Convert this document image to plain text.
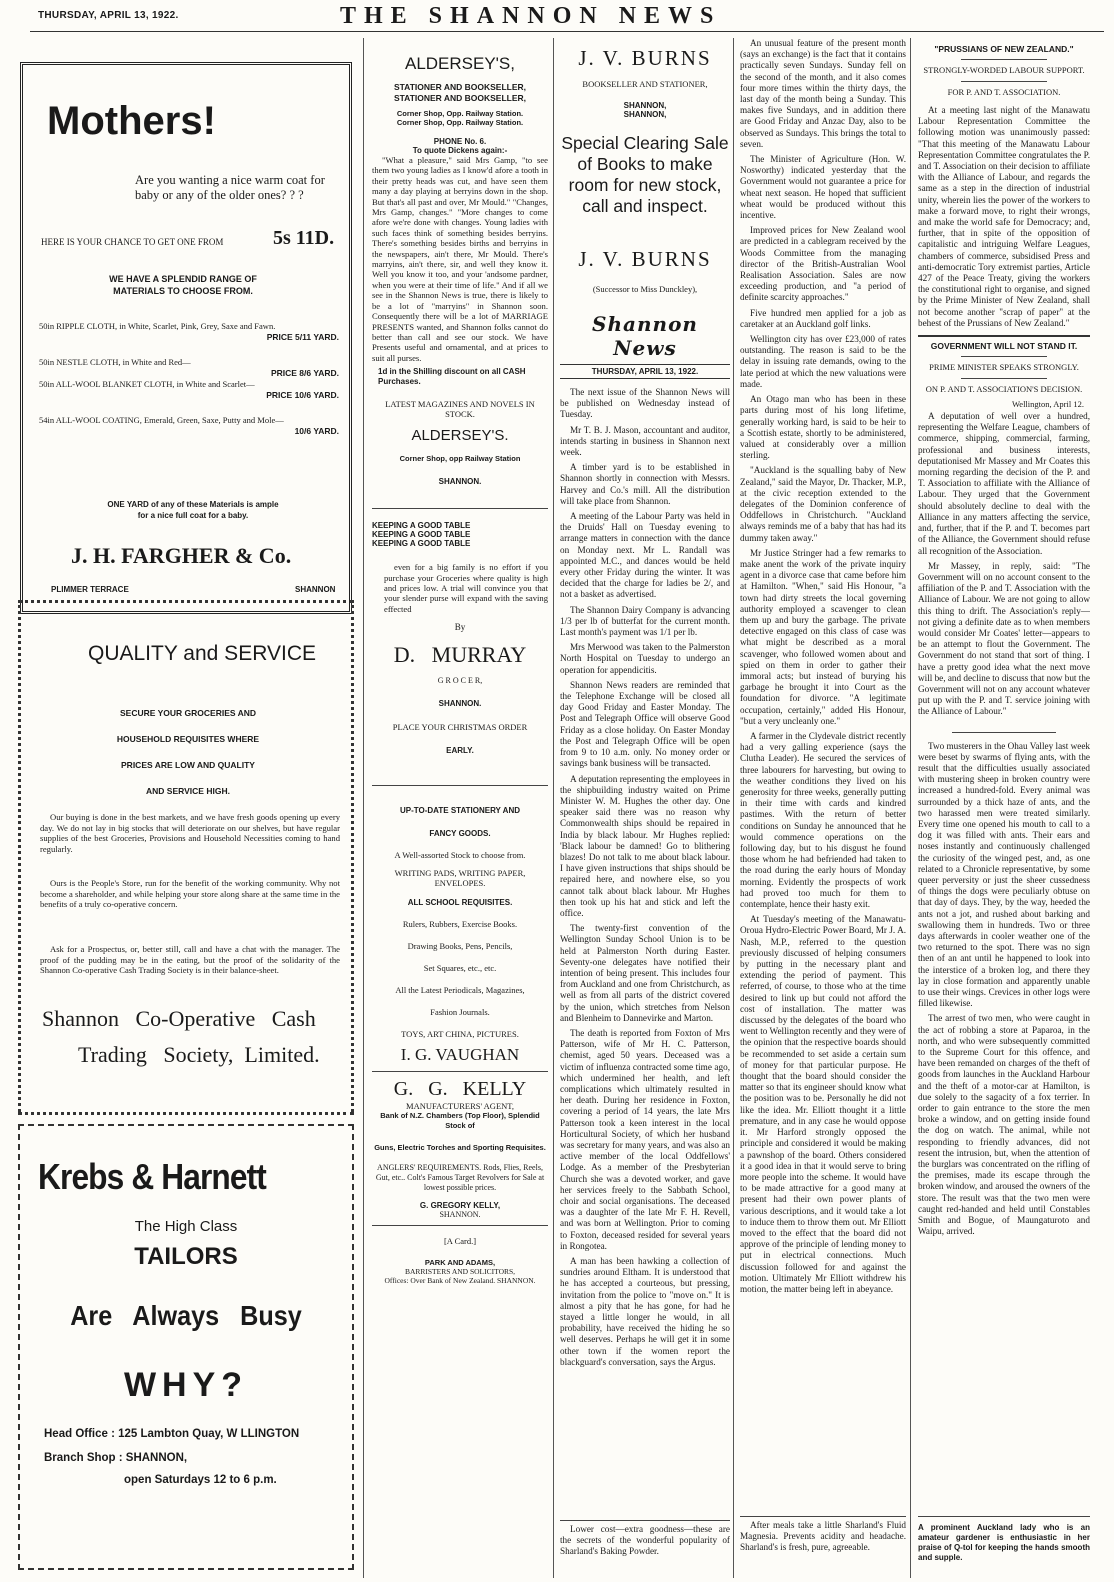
THURSDAY, APRIL 13, 1922.	THE SHANNON NEWS
Mothers!
Are you wanting a nice warm coat for baby or any of the older ones? ? ?
HERE IS YOUR CHANCE TO GET ONE FROM 5s 11D.
WE HAVE A SPLENDID RANGE OF MATERIALS TO CHOOSE FROM.
50in RIPPLE CLOTH, in White, Scarlet, Pink, Grey, Saxe and Fawn.
PRICE 5/11 YARD.
50in NESTLE CLOTH, in White and Red—
PRICE 8/6 YARD.
50in ALL-WOOL BLANKET CLOTH, in White and Scarlet—
PRICE 10/6 YARD.
54in ALL-WOOL COATING, Emerald, Green, Saxe, Putty and Mole—
10/6 YARD.
ONE YARD of any of these Materials is ample for a nice full coat for a baby.
J. H. FARGHER & Co.
PLIMMER TERRACE	SHANNON
QUALITY and SERVICE
SECURE YOUR GROCERIES AND
HOUSEHOLD REQUISITES WHERE
PRICES ARE LOW AND QUALITY
AND SERVICE HIGH.
Our buying is done in the best markets, and we have fresh goods opening up every day. We do not lay in big stocks that will deteriorate on our shelves, but have regular supplies of the best Groceries, Provisions and Household Necessities coming to hand regularly.
Ours is the People's Store, run for the benefit of the working community. Why not become a shareholder, and while helping your store along share at the same time in the benefits of a truly co-operative concern.
Ask for a Prospectus, or, better still, call and have a chat with the manager. The proof of the pudding may be in the eating, but the proof of the solidarity of the Shannon Co-operative Cash Trading Society is in their balance-sheet.
Shannon   Co-Operative   Cash
Trading   Society,  Limited.
Krebs & Harnett
The High Class
TAILORS
Are   Always   Busy
WHY?
Head Office : 125 Lambton Quay, W LLINGTON
Branch Shop : SHANNON,
open Saturdays 12 to 6 p.m.
ALDERSEY'S,
STATIONER AND BOOKSELLER,
STATIONER AND BOOKSELLER,
Corner Shop, Opp. Railway Station.
Corner Shop, Opp. Railway Station.
PHONE No. 6.
To quote Dickens again:-
"What a pleasure," said Mrs Gamp, "to see them two young ladies as I know'd afore a tooth in their pretty heads was cut, and have seen them many a day playing at berryins down in the shop. But that's all past and over, Mr Mould." "Changes, Mrs Gamp, changes." "More changes to come afore we're done with changes. Young ladies with such faces think of something besides berryins. There's something besides births and berryins in the newspapers, ain't there, Mr Mould. There's marryins, ain't there, sir, and well they know it. Well you know it too, and your 'andsome pardner, when you were at their time of life." And if all we see in the Shannon News is true, there is likely to be a lot of "marryins" in Shannon soon. Consequently there will be a lot of MARRIAGE PRESENTS wanted, and Shannon folks cannot do better than call and see our stock. We have Presents useful and ornamental, and at prices to suit all purses.
1d in the Shilling discount on all CASH Purchases.
LATEST MAGAZINES AND NOVELS IN STOCK.
ALDERSEY'S.
Corner Shop, opp Railway Station
SHANNON.
KEEPING A GOOD TABLE
KEEPING A GOOD TABLE
KEEPING A GOOD TABLE
even for a big family is no effort if you purchase your Groceries where quality is high and prices low. A trial will convince you that your slender purse will expand with the saving effected
By
D.   MURRAY
G R O C E R,
SHANNON.
PLACE YOUR CHRISTMAS ORDER
EARLY.
UP-TO-DATE STATIONERY AND
FANCY GOODS.
A Well-assorted Stock to choose from.
WRITING PADS, WRITING PAPER, ENVELOPES.
ALL SCHOOL REQUISITES.
Rulers, Rubbers, Exercise Books.
Drawing Books, Pens, Pencils,
Set Squares, etc., etc.
All the Latest Periodicals, Magazines,
Fashion Journals.
TOYS, ART CHINA, PICTURES.
I. G. VAUGHAN
G.   G.   KELLY
MANUFACTURERS' AGENT,
Bank of N.Z. Chambers (Top Floor), Splendid Stock of
Guns, Electric Torches and Sporting Requisites.
ANGLERS' REQUIREMENTS. Rods, Flies, Reels, Gut, etc.. Colt's Famous Target Revolvers for Sale at lowest possible prices.
G. GREGORY KELLY,
SHANNON.
[A Card.]
PARK AND ADAMS,
BARRISTERS AND SOLICITORS,
Offices: Over Bank of New Zealand. SHANNON.
J. V. BURNS
BOOKSELLER AND STATIONER,
SHANNON,
SHANNON,
Special Clearing Sale of Books to make room for new stock, call and inspect.
J. V. BURNS
(Successor to Miss Dunckley),
Shannon News
THURSDAY, APRIL 13, 1922.

The next issue of the Shannon News will be published on Wednesday instead of Tuesday.

Mr T. B. J. Mason, accountant and auditor, intends starting in business in Shannon next week.

A timber yard is to be established in Shannon shortly in connection with Messrs. Harvey and Co.'s mill. All the distribution will take place from Shannon.

A meeting of the Labour Party was held in the Druids' Hall on Tuesday evening to arrange matters in connection with the dance on Monday next. Mr L. Randall was appointed M.C., and dances would be held every other Friday during the winter. It was decided that the charge for ladies be 2/, and not a basket as advertised.

The Shannon Dairy Company is advancing 1/3 per lb of butterfat for the current month. Last month's payment was 1/1 per lb.

Mrs Merwood was taken to the Palmerston North Hospital on Tuesday to undergo an operation for appendicitis.

Shannon News readers are reminded that the Telephone Exchange will be closed all day Good Friday and Easter Monday. The Post and Telegraph Office will observe Good Friday as a close holiday. On Easter Monday the Post and Telegraph Office will be open from 9 to 10 a.m. only. No money order or savings bank business will be transacted.

A deputation representing the employees in the shipbuilding industry waited on Prime Minister W. M. Hughes the other day. One speaker said there was no reason why Commonwealth ships should be repaired in India by black labour. Mr Hughes replied: 'Black labour be damned! Go to blithering blazes! Do not talk to me about black labour. I have given instructions that ships should be repaired here, and nowhere else, so you cannot talk about black labour. Mr Hughes then took up his hat and stick and left the office.

The twenty-first convention of the Wellington Sunday School Union is to be held at Palmerston North during Easter. Seventy-one delegates have notified their intention of being present. This includes four from Auckland and one from Christchurch, as well as from all parts of the district covered by the union, which stretches from Nelson and Blenheim to Dannevirke and Marton.

The death is reported from Foxton of Mrs Patterson, wife of Mr H. C. Patterson, chemist, aged 50 years. Deceased was a victim of influenza contracted some time ago, which undermined her health, and left complications which ultimately resulted in her death. During her residence in Foxton, covering a period of 14 years, the late Mrs Patterson took a keen interest in the local Horticultural Society, of which her husband was secretary for many years, and was also an active member of the local Oddfellows' Lodge. As a member of the Presbyterian Church she was a devoted worker, and gave her services freely to the Sabbath School, choir and social organisations. The deceased was a daughter of the late Mr F. H. Revell, and was born at Wellington. Prior to coming to Foxton, deceased resided for several years in Rongotea.

A man has been hawking a collection of sundries around Eltham. It is understood that he has accepted a courteous, but pressing, invitation from the police to "move on." It is almost a pity that he has gone, for had he stayed a little longer he would, in all probability, have received the hiding he so well deserves. Perhaps he will get it in some other town if the women report the blackguard's conversation, says the Argus.

Lower cost—extra goodness—these are the secrets of the wonderful popularity of Sharland's Baking Powder.

An unusual feature of the present month (says an exchange) is the fact that it contains practically seven Sundays. Sunday fell on the second of the month, and it also comes four more times within the thirty days, the last day of the month being a Sunday. This makes five Sundays, and in addition there are Good Friday and Anzac Day, also to be observed as Sundays. This brings the total to seven.

The Minister of Agriculture (Hon. W. Nosworthy) indicated yesterday that the Government would not guarantee a price for wheat next season. He hoped that sufficient wheat would be produced without this incentive.

Improved prices for New Zealand wool are predicted in a cablegram received by the Woods Committee from the managing director of the British-Australian Wool Realisation Association. Sales are now exceeding production, and "a period of definite scarcity approaches."

Five hundred men applied for a job as caretaker at an Auckland golf links.

Wellington city has over £23,000 of rates outstanding. The reason is said to be the delay in issuing rate demands, owing to the late period at which the new valuations were made.

An Otago man who has been in these parts during most of his long lifetime, generally working hard, is said to be heir to a Scottish estate, shortly to be administered, valued at considerably over a million sterling.

"Auckland is the squalling baby of New Zealand," said the Mayor, Dr. Thacker, M.P., at the civic reception extended to the delegates of the Dominion conference of Oddfellows in Christchurch. "Auckland always reminds me of a baby that has had its dummy taken away."

Mr Justice Stringer had a few remarks to make anent the work of the private inquiry agent in a divorce case that came before him at Hamilton. "When," said His Honour, "a town had dirty streets the local governing authority employed a scavenger to clean them up and bury the garbage. The private detective engaged on this class of case was what might be described as a moral scavenger, who followed women about and spied on them in order to gather their immoral acts; but instead of burying his garbage he brought it into Court as the foundation for divorce. "A legitimate occupation, certainly," added His Honour, "but a very uncleanly one."

A farmer in the Clydevale district recently had a very galling experience (says the Clutha Leader). He secured the services of three labourers for harvesting, but owing to the weather conditions they lived on his generosity for three weeks, generally putting in their time with cards and kindred pastimes. With the return of better conditions on Sunday he announced that he would commence operations on the following day, but to his disgust he found those whom he had befriended had taken to the road during the early hours of Monday morning. Evidently the prospects of work had proved too much for them to contemplate, hence their hasty exit.

At Tuesday's meeting of the Manawatu-Oroua Hydro-Electric Power Board, Mr J. A. Nash, M.P., referred to the question previously discussed of helping consumers by putting in the necessary plant and extending the period of payment. This referred, of course, to those who at the time desired to link up but could not afford the cost of installation. The matter was discussed by the delegates of the board who went to Wellington recently and they were of the opinion that the respective boards should be recommended to set aside a certain sum of money for that particular purpose. He thought that the board should consider the matter so that its engineer should know what the position was to be. Personally he did not like the idea. Mr. Elliott thought it a little premature, and in any case he would oppose it. Mr Harford strongly opposed the principle and considered it would be making a pawnshop of the board. Others considered it a good idea in that it would serve to bring more people into the scheme. It would have to be made attractive for a good many at present had their own power plants of various descriptions, and it would take a lot to induce them to throw them out. Mr Elliott moved to the effect that the board did not approve of the principle of lending money to put in electrical connections. Much discussion followed for and against the motion. Ultimately Mr Elliott withdrew his motion, the matter being left in abeyance.

After meals take a little Sharland's Fluid Magnesia. Prevents acidity and headache. Sharland's is fresh, pure, agreeable.

"PRUSSIANS OF NEW ZEALAND."
STRONGLY-WORDED LABOUR SUPPORT.
FOR P. AND T. ASSOCIATION.

At a meeting last night of the Manawatu Labour Representation Committee the following motion was unanimously passed: "That this meeting of the Manawatu Labour Representation Committee congratulates the P. and T. Association on their decision to affiliate with the Alliance of Labour, and regards the same as a step in the direction of industrial unity, wherein lies the power of the workers to make a forward move, to right their wrongs, and make the world safe for Democracy; and, further, that in spite of the opposition of capitalistic and intriguing Welfare Leagues, chambers of commerce, subsidised Press and anti-democratic Tory extremist parties, Article 427 of the Peace Treaty, giving the workers the constitutional right to organise, and signed by the Prime Minister of New Zealand, shall not become another "scrap of paper" at the behest of the Prussians of New Zealand."

GOVERNMENT WILL NOT STAND IT.
PRIME MINISTER SPEAKS STRONGLY.
ON P. AND T. ASSOCIATION'S DECISION.
Wellington, April 12.

A deputation of well over a hundred, representing the Welfare League, chambers of commerce, shipping, commercial, farming, professional and business interests, deputationised Mr Massey and Mr Coates this morning regarding the decision of the P. and T. Association to affiliate with the Alliance of Labour. They urged that the Government should absolutely decline to deal with the Alliance in any matters affecting the service, and, further, that if the P. and T. becomes part of the Alliance, the Government should refuse all recognition of the Association.

Mr Massey, in reply, said: "The Government will on no account consent to the affiliation of the P. and T. Association with the Alliance of Labour. We are not going to allow this thing to drift. The Association's reply—not giving a definite date as to when members would consider Mr Coates' letter—appears to be an attempt to flout the Government. The Government do not stand that sort of thing. I have a pretty good idea what the next move will be, and decline to discuss that now but the Government will not on any account whatever put up with the P. and T. service joining with the Alliance of Labour."

Two musterers in the Ohau Valley last week were beset by swarms of flying ants, with the result that the difficulties usually associated with mustering sheep in broken country were increased a hundred-fold. Every animal was surrounded by a thick haze of ants, and the two harassed men were treated similarly. Every time one opened his mouth to call to a dog it was filled with ants. Their ears and noses instantly and continuously challenged the curiosity of the winged pest, and, as one related to a Chronicle representative, by some queer perversity or just the sheer cussedness of things the dogs were peculiarly obtuse on that day of days. They, by the way, heeded the ants not a jot, and rushed about barking and swallowing them in hundreds. Two or three days afterwards in cooler weather one of the two returned to the spot. There was no sign then of an ant until he happened to look into the interstice of a broken log, and there they lay in close formation and apparently unable to use their wings. Crevices in other logs were filled likewise.

The arrest of two men, who were caught in the act of robbing a store at Paparoa, in the north, and who were subsequently committed to the Supreme Court for this offence, and have been remanded on charges of the theft of goods from launches in the Auckland Harbour and the theft of a motor-car at Hamilton, is due solely to the sagacity of a fox terrier. In order to gain entrance to the store the men broke a window, and on getting inside found the dog on watch. The animal, while not responding to friendly advances, did not resent the intrusion, but, when the attention of the burglars was concentrated on the rifling of the premises, made its escape through the broken window, and aroused the owners of the store. The result was that the two men were caught red-handed and held until Constables Smith and Bogue, of Maungaturoto and Waipu, arrived.

A prominent Auckland lady who is an amateur gardener is enthusiastic in her praise of Q-tol for keeping the hands smooth and supple.
